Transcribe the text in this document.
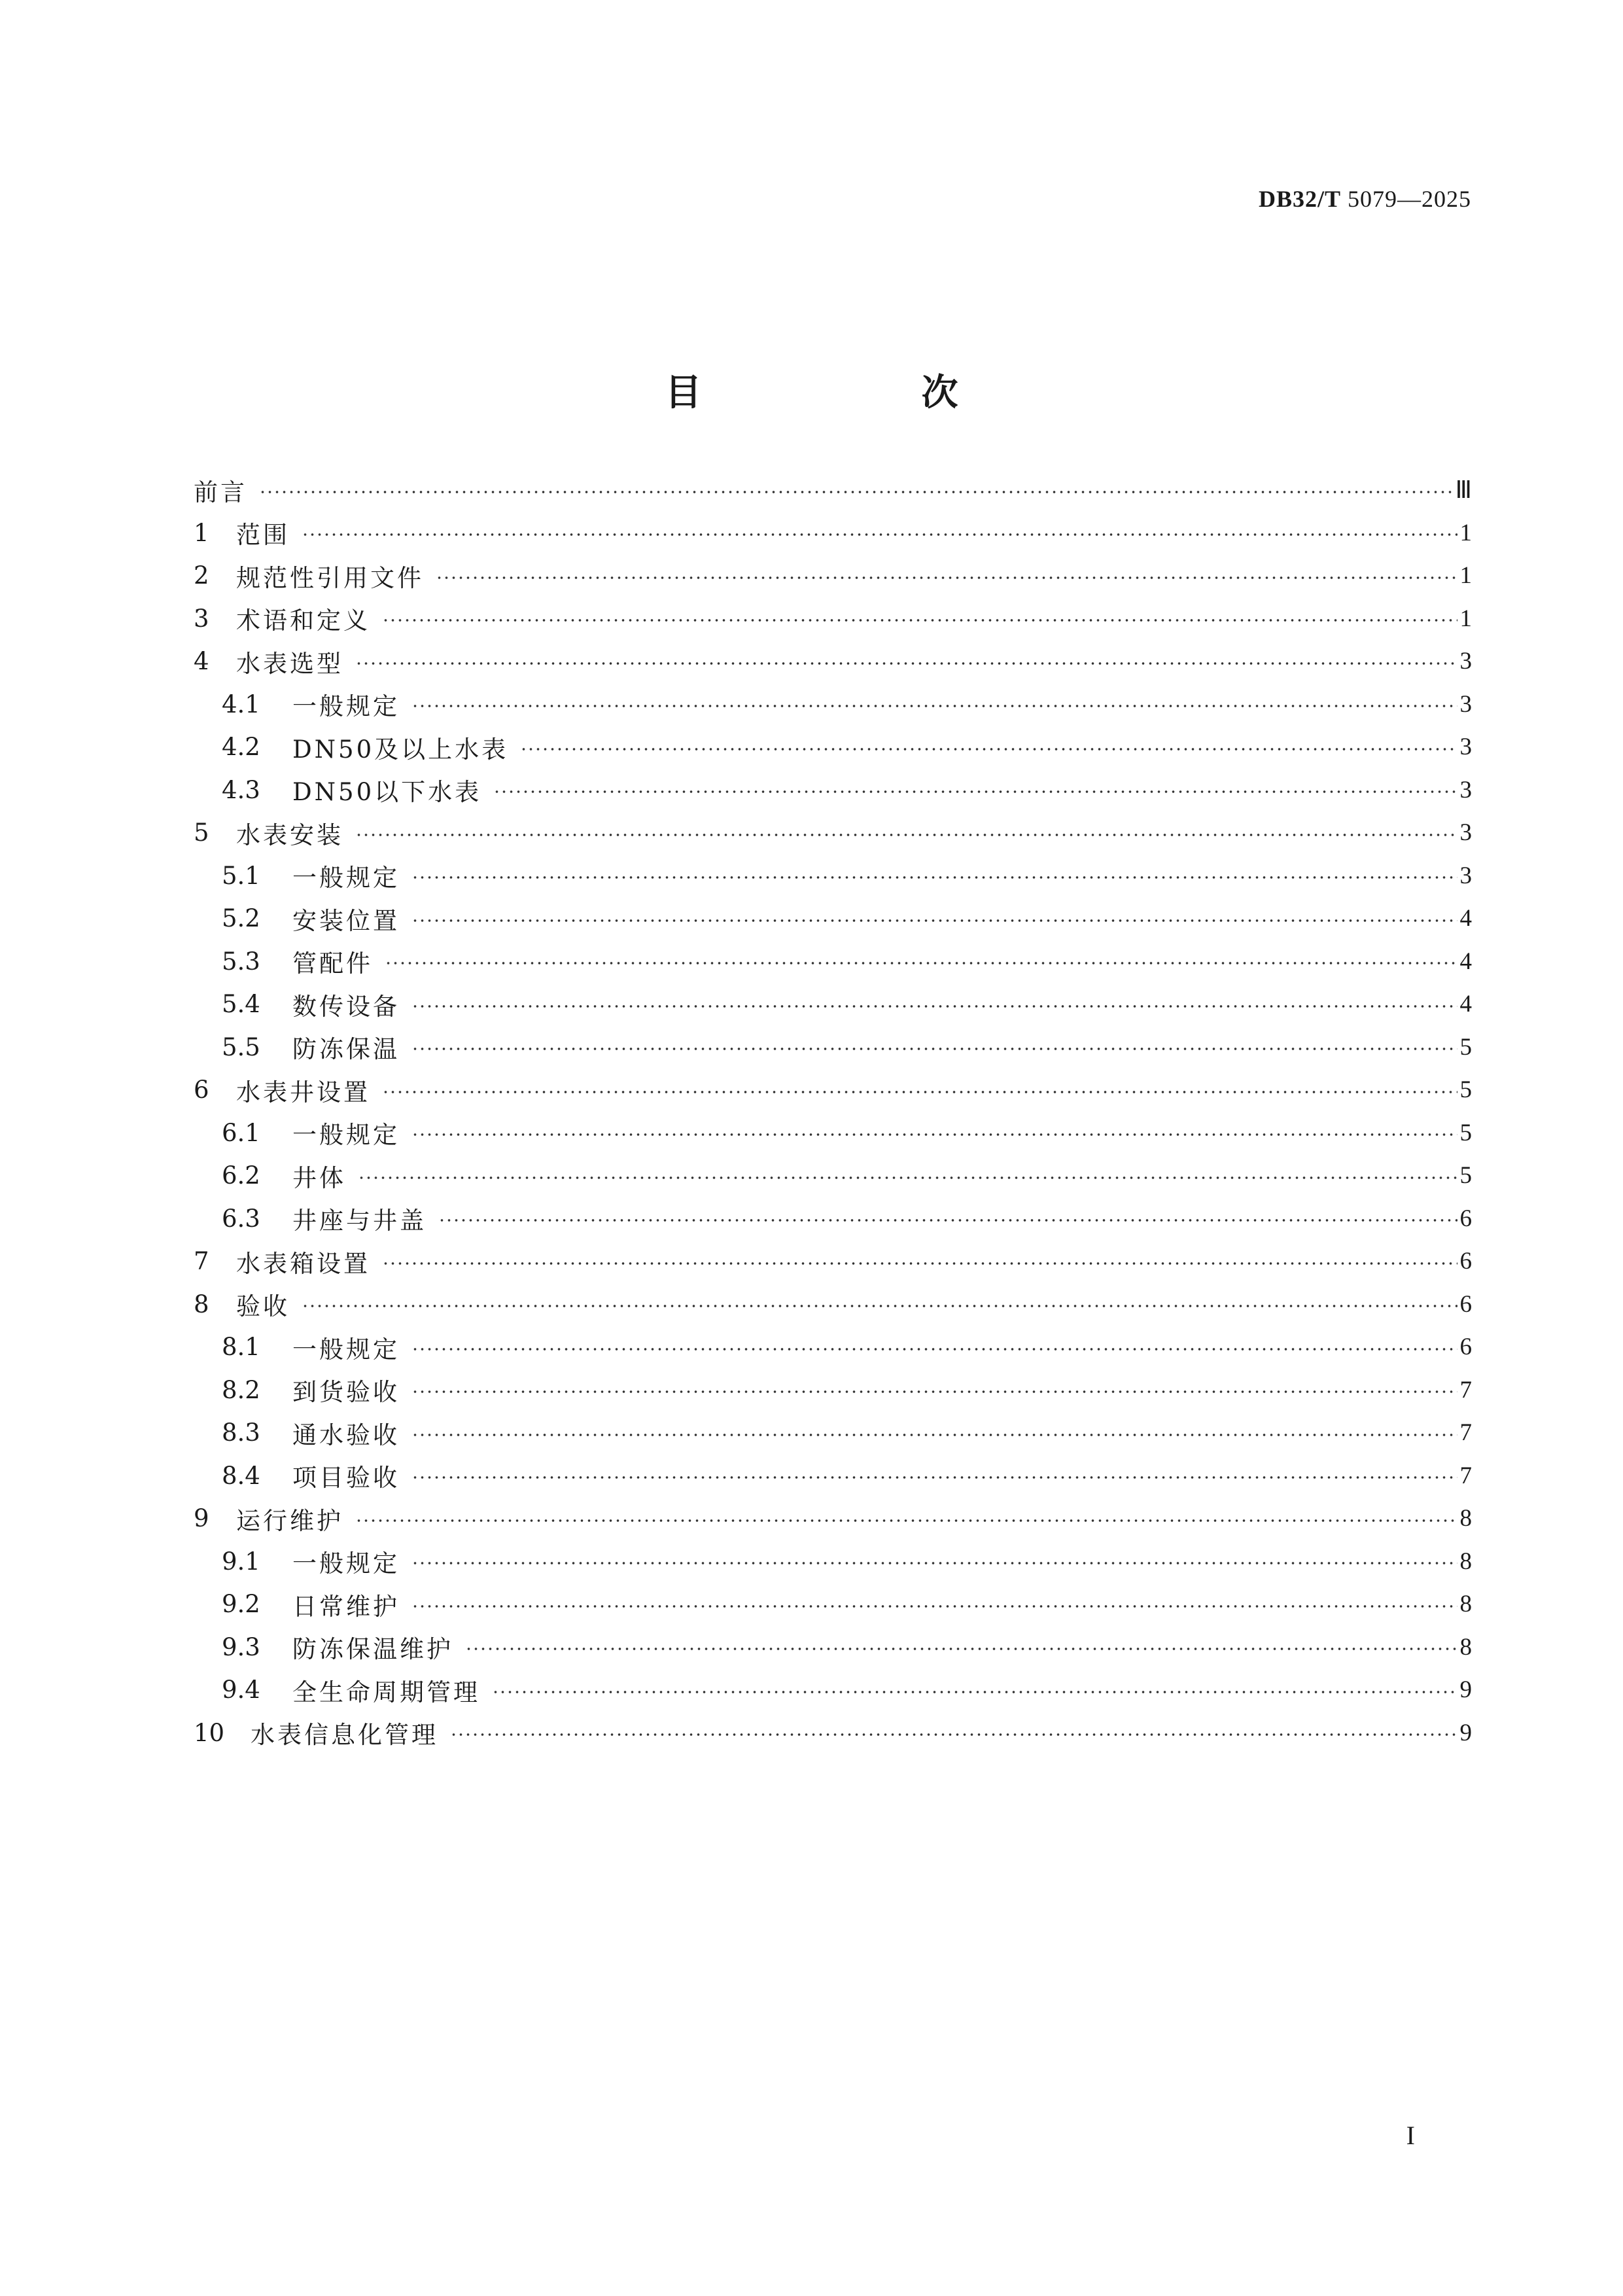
DB32/T 5079—2025
目　次
前言	Ⅲ
1	范围	1
2	规范性引用文件	1
3	术语和定义	1
4	水表选型	3
4.1	一般规定	3
4.2	DN50及以上水表	3
4.3	DN50以下水表	3
5	水表安装	3
5.1	一般规定	3
5.2	安装位置	4
5.3	管配件	4
5.4	数传设备	4
5.5	防冻保温	5
6	水表井设置	5
6.1	一般规定	5
6.2	井体	5
6.3	井座与井盖	6
7	水表箱设置	6
8	验收	6
8.1	一般规定	6
8.2	到货验收	7
8.3	通水验收	7
8.4	项目验收	7
9	运行维护	8
9.1	一般规定	8
9.2	日常维护	8
9.3	防冻保温维护	8
9.4	全生命周期管理	9
10	水表信息化管理	9
I
